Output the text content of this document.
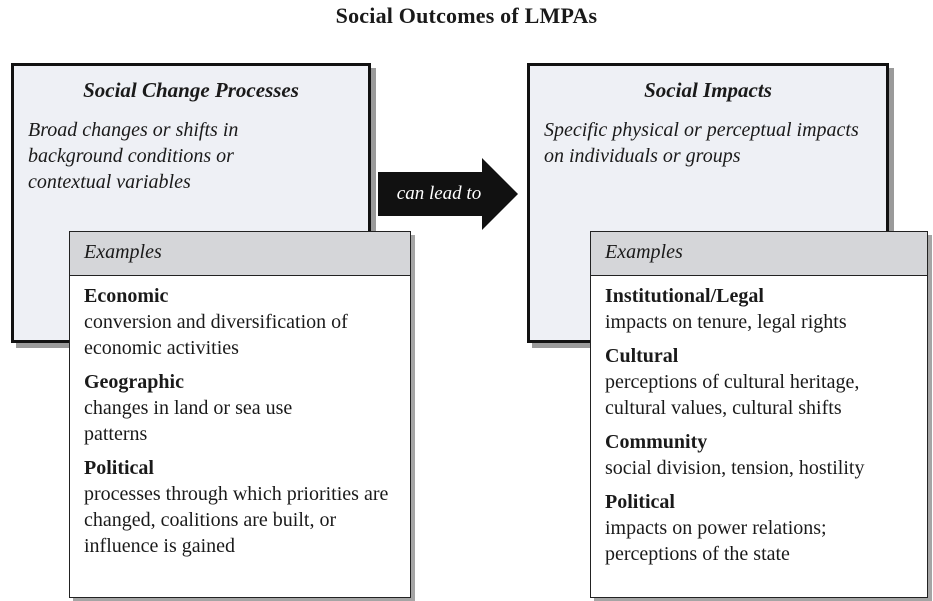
Social Outcomes of LMPAs
Social Change Processes
Broad changes or shifts in background conditions or contextual variables
Examples
Economic
conversion and diversification of economic activities
Geographic
changes in land or sea use patterns
Political
processes through which priorities are changed, coalitions are built, or influence is gained
can lead to
Social Impacts
Specific physical or perceptual impacts on individuals or groups
Examples
Institutional/Legal
impacts on tenure, legal rights
Cultural
perceptions of cultural heritage, cultural values, cultural shifts
Community
social division, tension, hostility
Political
impacts on power relations; perceptions of the state
